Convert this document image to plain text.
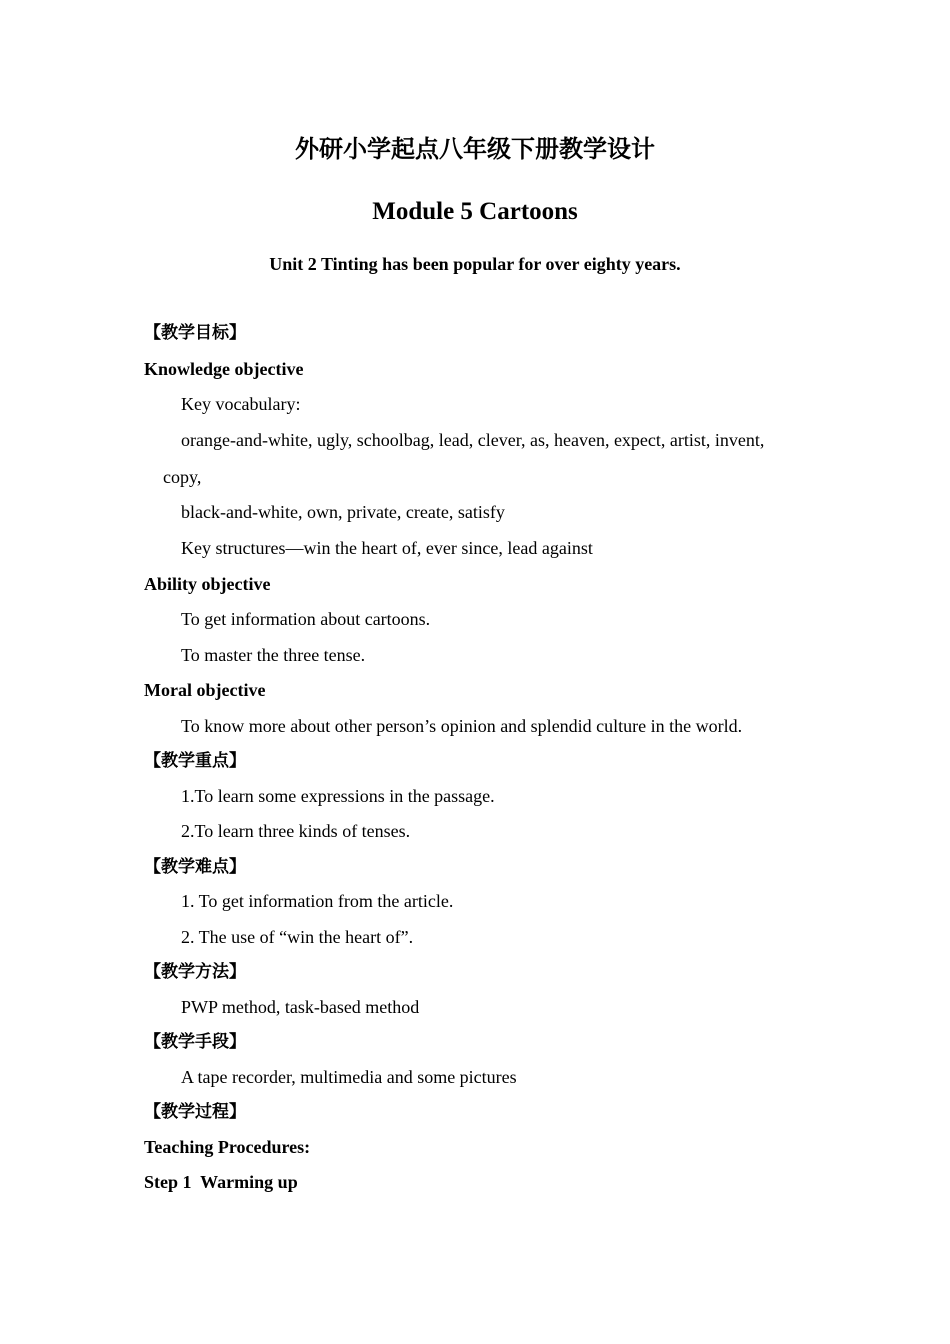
外研小学起点八年级下册教学设计
Module 5 Cartoons
Unit 2 Tinting has been popular for over eighty years.
【教学目标】
Knowledge objective
Key vocabulary:
orange-and-white, ugly, schoolbag, lead, clever, as, heaven, expect, artist, invent,
copy,
black-and-white, own, private, create, satisfy
Key structures—win the heart of, ever since, lead against
Ability objective
To get information about cartoons.
To master the three tense.
Moral objective
To know more about other person’s opinion and splendid culture in the world.
【教学重点】
1.To learn some expressions in the passage.
2.To learn three kinds of tenses.
【教学难点】
1. To get information from the article.
2. The use of “win the heart of”.
【教学方法】
PWP method, task-based method
【教学手段】
A tape recorder, multimedia and some pictures
【教学过程】
Teaching Procedures:
Step 1  Warming up
